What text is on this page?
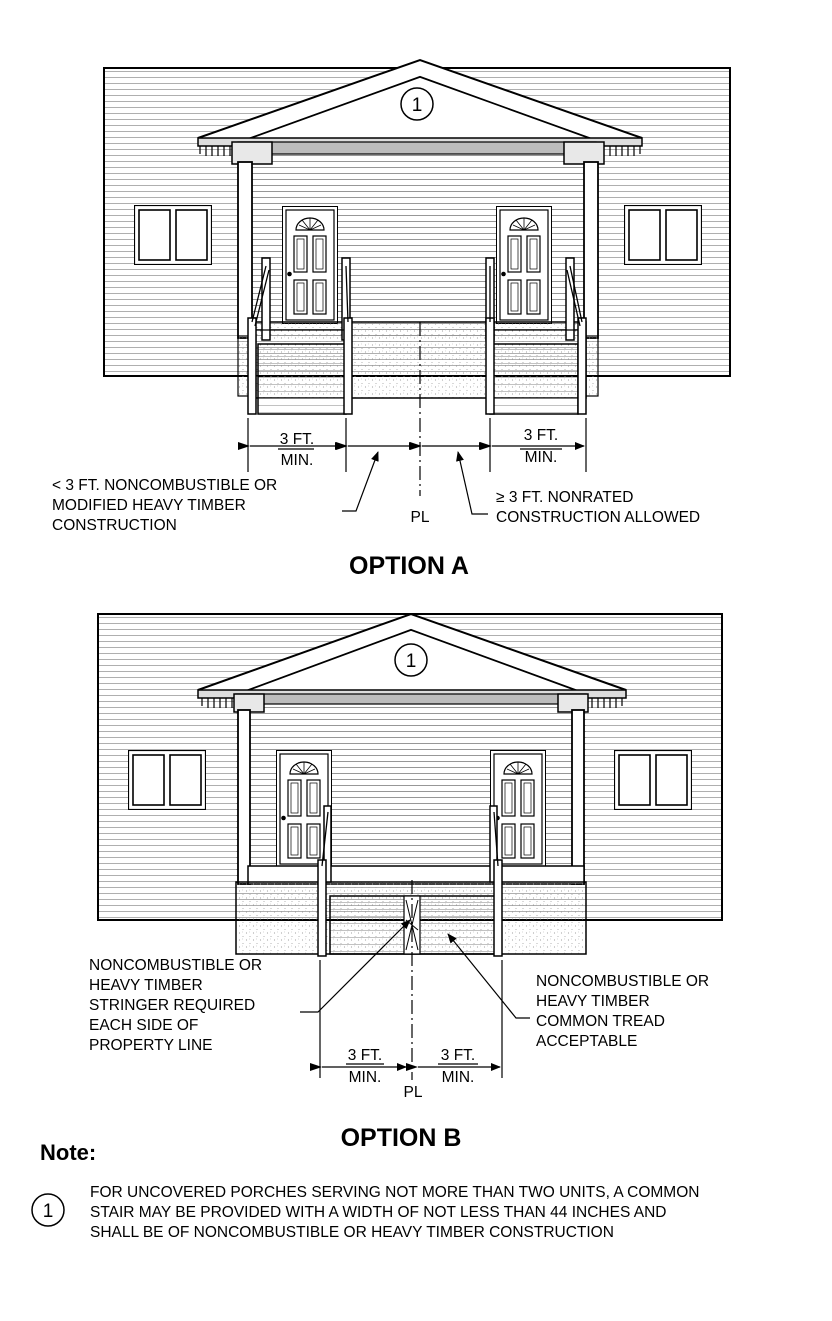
1
3 FT.
MIN.
3 FT.
MIN.
< 3 FT. NONCOMBUSTIBLE OR
MODIFIED HEAVY TIMBER
CONSTRUCTION
≥ 3 FT. NONRATED
CONSTRUCTION ALLOWED
PL
OPTION A
1
3 FT.
MIN.
3 FT.
MIN.
NONCOMBUSTIBLE OR
HEAVY TIMBER
STRINGER REQUIRED
EACH SIDE OF
PROPERTY LINE
NONCOMBUSTIBLE OR
HEAVY TIMBER
COMMON TREAD
ACCEPTABLE
PL
OPTION B
Note:
1
FOR UNCOVERED PORCHES SERVING NOT MORE THAN TWO UNITS, A COMMON
STAIR MAY BE PROVIDED WITH A WIDTH OF NOT LESS THAN 44 INCHES AND
SHALL BE OF NONCOMBUSTIBLE OR HEAVY TIMBER CONSTRUCTION
